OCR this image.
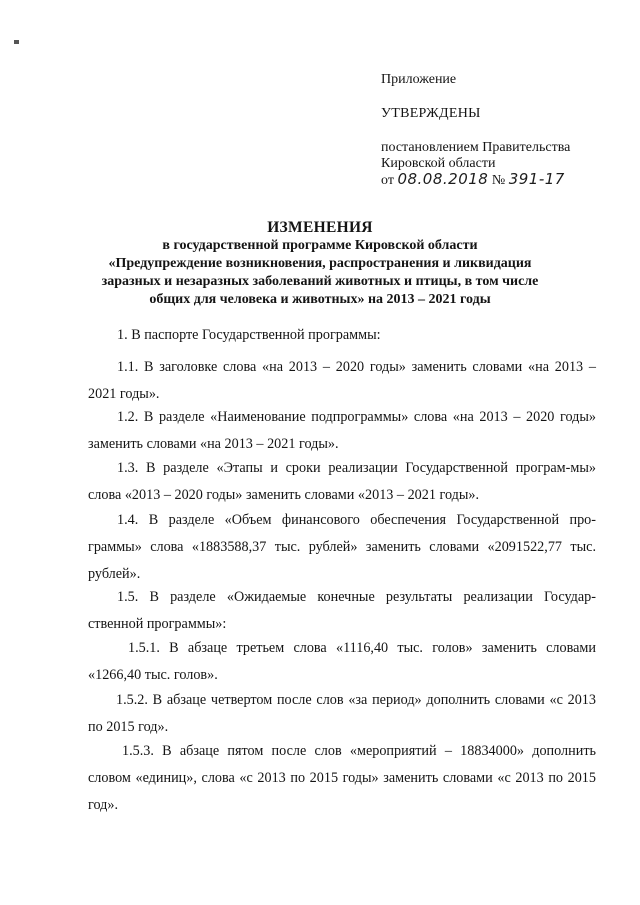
Приложение
УТВЕРЖДЕНЫ
постановлением Правительства
Кировской области
от 08.08.2018 № 391-17
ИЗМЕНЕНИЯ
в государственной программе Кировской области
«Предупреждение возникновения, распространения и ликвидация
заразных и незаразных заболеваний животных и птицы, в том числе
общих для человека и животных» на 2013 – 2021 годы
1. В паспорте Государственной программы:
1.1. В заголовке слова «на 2013 – 2020 годы» заменить словами «на 2013 – 2021 годы».
1.2. В разделе «Наименование подпрограммы» слова «на 2013 – 2020 годы» заменить словами «на 2013 – 2021 годы».
1.3. В разделе «Этапы и сроки реализации Государственной програм-мы» слова «2013 – 2020 годы» заменить словами «2013 – 2021 годы».
1.4. В разделе «Объем финансового обеспечения Государственной про-граммы» слова «1883588,37 тыс. рублей» заменить словами «2091522,77 тыс. рублей».
1.5. В разделе «Ожидаемые конечные результаты реализации Государ-ственной программы»:
1.5.1. В абзаце третьем слова «1116,40 тыс. голов» заменить словами «1266,40 тыс. голов».
1.5.2. В абзаце четвертом после слов «за период» дополнить словами «с 2013 по 2015 год».
1.5.3. В абзаце пятом после слов «мероприятий – 18834000» дополнить словом «единиц», слова «с 2013 по 2015 годы» заменить словами «с 2013 по 2015 год».
